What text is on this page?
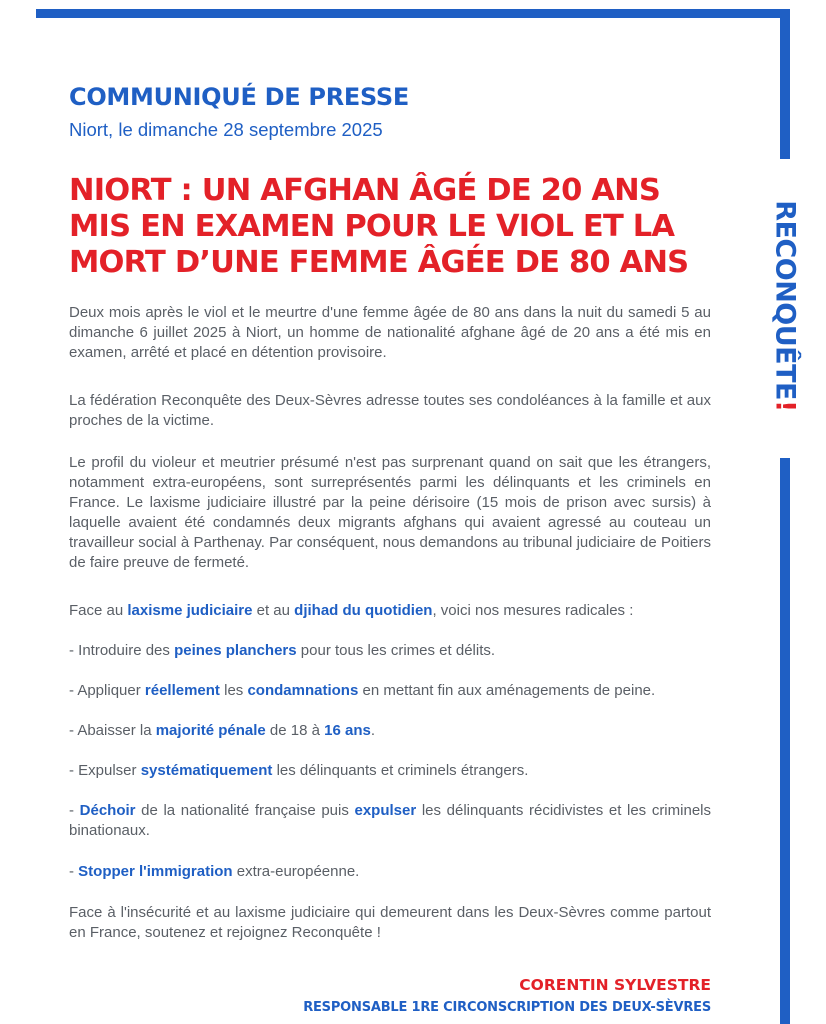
RECONQUÊTE!
COMMUNIQUÉ DE PRESSE
Niort, le dimanche 28 septembre 2025
NIORT : UN AFGHAN ÂGÉ DE 20 ANS
MIS EN EXAMEN POUR LE VIOL ET LA
MORT D’UNE FEMME ÂGÉE DE 80 ANS

Deux mois après le viol et le meurtre d'une femme âgée de 80 ans dans la nuit du samedi 5 au dimanche 6 juillet 2025 à Niort, un homme de nationalité afghane âgé de 20 ans a été mis en examen, arrêté et placé en détention provisoire.

La fédération Reconquête des Deux-Sèvres adresse toutes ses condoléances à la famille et aux proches de la victime.

Le profil du violeur et meutrier présumé n'est pas surprenant quand on sait que les étrangers, notamment extra-européens, sont surreprésentés parmi les délinquants et les criminels en France. Le laxisme judiciaire illustré par la peine dérisoire (15 mois de prison avec sursis) à laquelle avaient été condamnés deux migrants afghans qui avaient agressé au couteau un travailleur social à Parthenay. Par conséquent, nous demandons au tribunal judiciaire de Poitiers de faire preuve de fermeté.

Face au laxisme judiciaire et au djihad du quotidien, voici nos mesures radicales :

- Introduire des peines planchers pour tous les crimes et délits.

- Appliquer réellement les condamnations en mettant fin aux aménagements de peine.

- Abaisser la majorité pénale de 18 à 16 ans.

- Expulser systématiquement les délinquants et criminels étrangers.

- Déchoir de la nationalité française puis expulser les délinquants récidivistes et les criminels binationaux.

- Stopper l'immigration extra-européenne.

Face à l'insécurité et au laxisme judiciaire qui demeurent dans les Deux-Sèvres comme partout en France, soutenez et rejoignez Reconquête !

CORENTIN SYLVESTRE
RESPONSABLE 1RE CIRCONSCRIPTION DES DEUX-SÈVRES
